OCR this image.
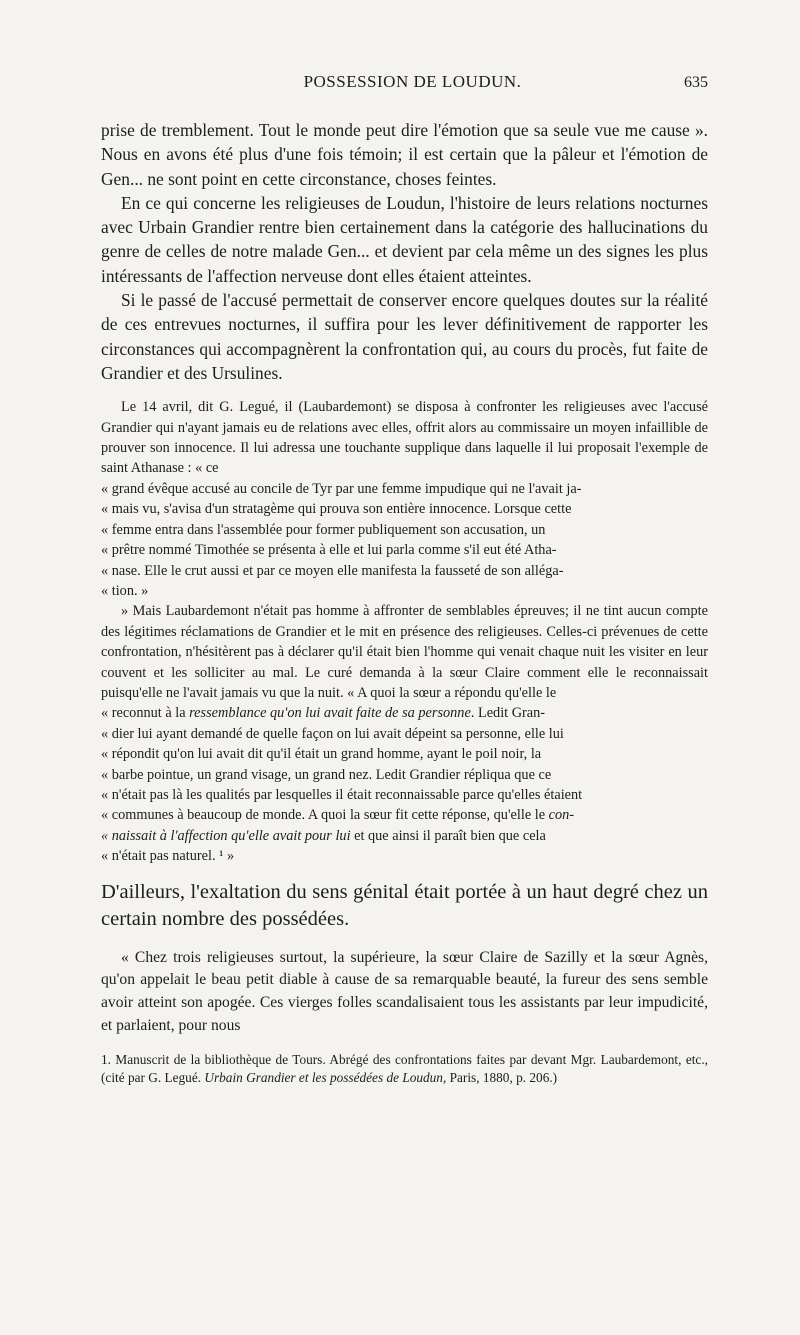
POSSESSION DE LOUDUN.	635

prise de tremblement. Tout le monde peut dire l'émotion que sa seule vue me cause ». Nous en avons été plus d'une fois témoin; il est certain que la pâleur et l'émotion de Gen... ne sont point en cette circonstance, choses feintes.

En ce qui concerne les religieuses de Loudun, l'histoire de leurs relations nocturnes avec Urbain Grandier rentre bien certainement dans la catégorie des hallucinations du genre de celles de notre malade Gen... et devient par cela même un des signes les plus intéressants de l'affection nerveuse dont elles étaient atteintes.

Si le passé de l'accusé permettait de conserver encore quelques doutes sur la réalité de ces entrevues nocturnes, il suffira pour les lever définitivement de rapporter les circonstances qui accompagnèrent la confrontation qui, au cours du procès, fut faite de Grandier et des Ursulines.

Le 14 avril, dit G. Legué, il (Laubardemont) se disposa à confronter les religieuses avec l'accusé Grandier qui n'ayant jamais eu de relations avec elles, offrit alors au commissaire un moyen infaillible de prouver son innocence. Il lui adressa une touchante supplique dans laquelle il lui proposait l'exemple de saint Athanase : « ce

« grand évêque accusé au concile de Tyr par une femme impudique qui ne l'avait ja-

« mais vu, s'avisa d'un stratagème qui prouva son entière innocence. Lorsque cette

« femme entra dans l'assemblée pour former publiquement son accusation, un

« prêtre nommé Timothée se présenta à elle et lui parla comme s'il eut été Atha-

« nase. Elle le crut aussi et par ce moyen elle manifesta la fausseté de son alléga-

« tion. »

» Mais Laubardemont n'était pas homme à affronter de semblables épreuves; il ne tint aucun compte des légitimes réclamations de Grandier et le mit en présence des religieuses. Celles-ci prévenues de cette confrontation, n'hésitèrent pas à déclarer qu'il était bien l'homme qui venait chaque nuit les visiter en leur couvent et les solliciter au mal. Le curé demanda à la sœur Claire comment elle le reconnaissait puisqu'elle ne l'avait jamais vu que la nuit. « A quoi la sœur a répondu qu'elle le

« reconnut à la ressemblance qu'on lui avait faite de sa personne. Ledit Gran-

« dier lui ayant demandé de quelle façon on lui avait dépeint sa personne, elle lui

« répondit qu'on lui avait dit qu'il était un grand homme, ayant le poil noir, la

« barbe pointue, un grand visage, un grand nez. Ledit Grandier répliqua que ce

« n'était pas là les qualités par lesquelles il était reconnaissable parce qu'elles étaient

« communes à beaucoup de monde. A quoi la sœur fit cette réponse, qu'elle le con-

« naissait à l'affection qu'elle avait pour lui et que ainsi il paraît bien que cela

« n'était pas naturel. ¹ »

D'ailleurs, l'exaltation du sens génital était portée à un haut degré chez un certain nombre des possédées.

« Chez trois religieuses surtout, la supérieure, la sœur Claire de Sazilly et la sœur Agnès, qu'on appelait le beau petit diable à cause de sa remarquable beauté, la fureur des sens semble avoir atteint son apogée. Ces vierges folles scandalisaient tous les assistants par leur impudicité, et parlaient, pour nous

1. Manuscrit de la bibliothèque de Tours. Abrégé des confrontations faites par devant Mgr. Laubardemont, etc., (cité par G. Legué. Urbain Grandier et les possédées de Loudun, Paris, 1880, p. 206.)
